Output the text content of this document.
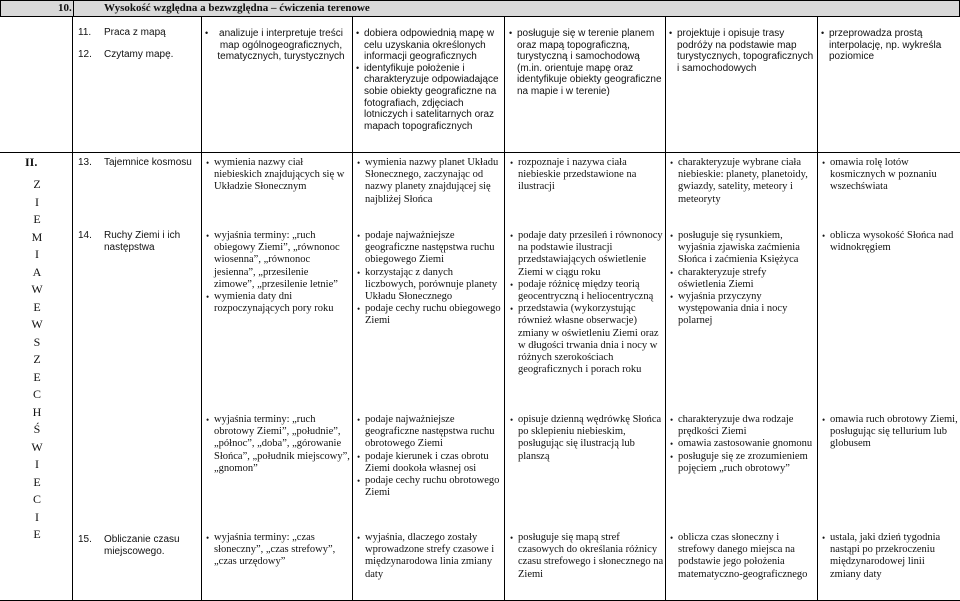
10.	Wysokość względna a bezwzględna – ćwiczenia terenowe
11.
12.
Praca z mapą
Czytamy mapę.
• analizuje i interpretuje treści map ogólnogeograficznych, tematycznych, turystycznych
• dobiera odpowiednią mapę w celu uzyskania określonych informacji geograficznych
• identyfikuje położenie i charakteryzuje odpowiadające sobie obiekty geograficzne na fotografiach, zdjęciach lotniczych i satelitarnych oraz mapach topograficznych
• posługuje się w terenie planem oraz mapą topograficzną, turystyczną i samochodową (m.in. orientuje mapę oraz identyfikuje obiekty geograficzne na mapie i w terenie)
• projektuje i opisuje trasy podróży na podstawie map turystycznych, topograficznych i samochodowych
• przeprowadza prostą interpolację, np. wykreśla poziomice
II.
Z
I
E
M
I
A
W
E
W
S
Z
E
C
H
Ś
W
I
E
C
I
E
13.
14.
15.
Tajemnice kosmosu
Ruchy Ziemi i ich następstwa
Obliczanie czasu miejscowego.
• wymienia nazwy ciał niebieskich znajdujących się w Układzie Słonecznym
• wyjaśnia terminy: „ruch obiegowy Ziemi”, „równonoc wiosenna”, „równonoc jesienna”, „przesilenie zimowe”, „przesilenie letnie”
• wymienia daty dni rozpoczynających pory roku
• wyjaśnia terminy: „ruch obrotowy Ziemi”, „południe”, „północ”, „doba”, „górowanie Słońca”, „południk miejscowy”, „gnomon”
• wyjaśnia terminy: „czas słoneczny”, „czas strefowy”, „czas urzędowy”
• wymienia nazwy planet Układu Słonecznego, zaczynając od nazwy planety znajdującej się najbliżej Słońca
• podaje najważniejsze geograficzne następstwa ruchu obiegowego Ziemi
• korzystając z danych liczbowych, porównuje planety Układu Słonecznego
• podaje cechy ruchu obiegowego Ziemi
• podaje najważniejsze geograficzne następstwa ruchu obrotowego Ziemi
• podaje kierunek i czas obrotu Ziemi dookoła własnej osi
• podaje cechy ruchu obrotowego Ziemi
• wyjaśnia, dlaczego zostały wprowadzone strefy czasowe i międzynarodowa linia zmiany daty
• rozpoznaje i nazywa ciała niebieskie przedstawione na ilustracji
• podaje daty przesileń i równonocy na podstawie ilustracji przedstawiających oświetlenie Ziemi w ciągu roku
• podaje różnicę między teorią geocentryczną i heliocentryczną
• przedstawia (wykorzystując również własne obserwacje) zmiany w oświetleniu Ziemi oraz w długości trwania dnia i nocy w różnych szerokościach geograficznych i porach roku
• opisuje dzienną wędrówkę Słońca po sklepieniu niebieskim, posługując się ilustracją lub planszą
• posługuje się mapą stref czasowych do określania różnicy czasu strefowego i słonecznego na Ziemi
• charakteryzuje wybrane ciała niebieskie: planety, planetoidy, gwiazdy, satelity, meteory i meteoryty
• posługuje się rysunkiem, wyjaśnia zjawiska zaćmienia Słońca i zaćmienia Księżyca
• charakteryzuje strefy oświetlenia Ziemi
• wyjaśnia przyczyny występowania dnia i nocy polarnej
• charakteryzuje dwa rodzaje prędkości Ziemi
• omawia zastosowanie gnomonu
• posługuje się ze zrozumieniem pojęciem „ruch obrotowy”
• oblicza czas słoneczny i strefowy danego miejsca na podstawie jego położenia matematyczno-geograficznego
• omawia rolę lotów kosmicznych w poznaniu wszechświata
• oblicza wysokość Słońca nad widnokręgiem
• omawia ruch obrotowy Ziemi, posługując się tellurium lub globusem
• ustala, jaki dzień tygodnia nastąpi po przekroczeniu międzynarodowej linii zmiany daty
